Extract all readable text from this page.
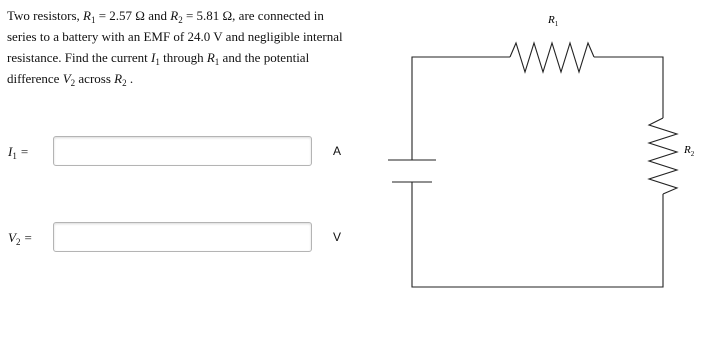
Two resistors, $R_1 = 2.57$ Ω and $R_2 = 5.81$ Ω, are connected in series to a battery with an EMF of 24.0 V and negligible internal resistance. Find the current $I_1$ through $R_1$ and the potential difference $V_2$ across $R_2$ .

$I_1$ =	A
$V_2$ =	V
$R_1$
$R_2$
